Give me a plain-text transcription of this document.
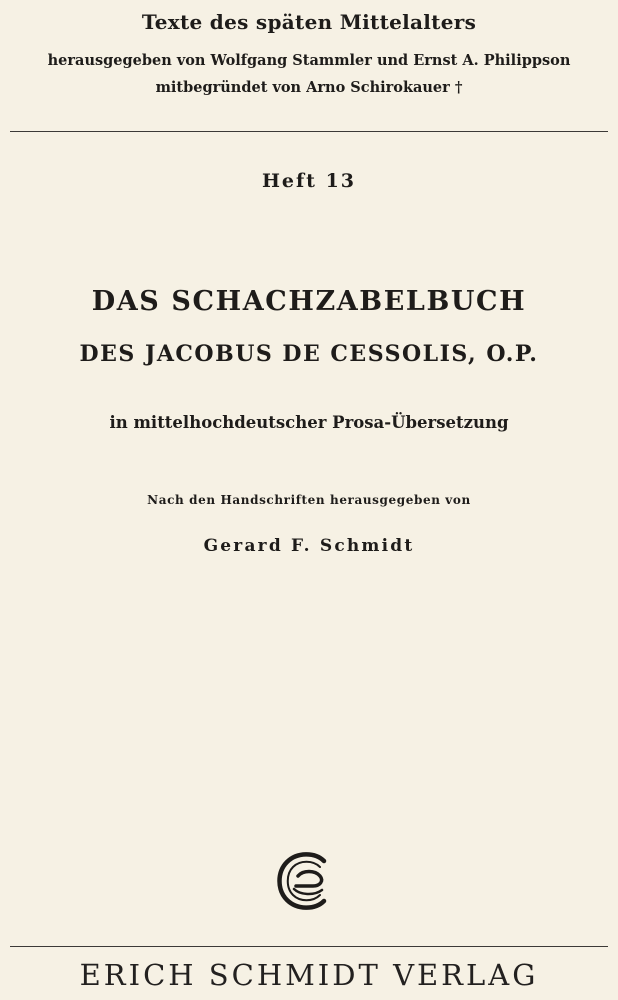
Texte des späten Mittelalters
herausgegeben von Wolfgang Stammler und Ernst A. Philippson
mitbegründet von Arno Schirokauer †
Heft 13
DAS SCHACHZABELBUCH
DES JACOBUS DE CESSOLIS, O.P.
in mittelhochdeutscher Prosa-Übersetzung
Nach den Handschriften herausgegeben von
Gerard F. Schmidt
ERICH SCHMIDT VERLAG
